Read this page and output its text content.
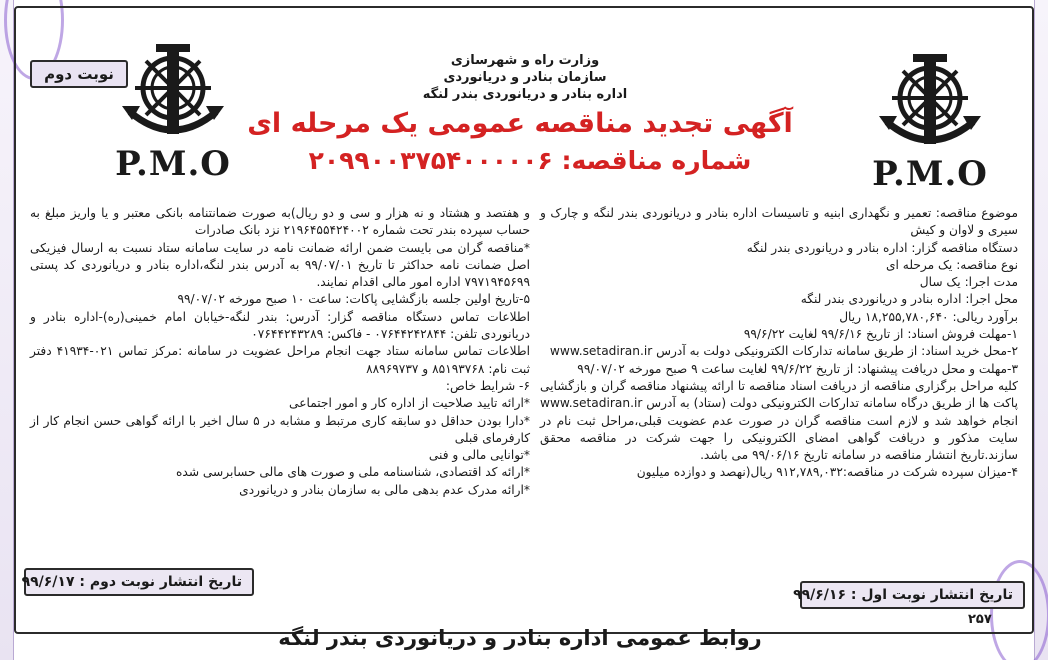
P.M.O
P.M.O
نوبت دوم
وزارت راه و شهرسازی
سازمان بنادر و دریانوردی
اداره بنادر و دریانوردی بندر لنگه
آگهی تجدید مناقصه عمومی یک مرحله ای
شماره مناقصه: ۲۰۹۹۰۰۳۷۵۴۰۰۰۰۰۶

موضوع مناقصه: تعمیر و نگهداری ابنیه و تاسیسات اداره بنادر و دریانوردی بندر لنگه و چارک و سیری و لاوان و کیش

دستگاه مناقصه گزار: اداره بنادر و دریانوردی بندر لنگه

نوع مناقصه: یک مرحله ای

مدت اجرا: یک سال

محل اجرا: اداره بنادر و دریانوردی بندر لنگه

برآورد ریالی: ۱۸,۲۵۵,۷۸۰,۶۴۰ ریال

۱-مهلت فروش اسناد: از تاریخ ۹۹/۶/۱۶ لغایت ۹۹/۶/۲۲

۲-محل خرید اسناد: از طریق سامانه تدارکات الکترونیکی دولت به آدرس www.setadiran.ir

۳-مهلت و محل دریافت پیشنهاد: از تاریخ ۹۹/۶/۲۲ لغایت ساعت ۹ صبح مورخه ۹۹/۰۷/۰۲

کلیه مراحل برگزاری مناقصه از دریافت اسناد مناقصه تا ارائه پیشنهاد مناقصه گران و بازگشایی پاکت ها از طریق درگاه سامانه تدارکات الکترونیکی دولت (ستاد) به آدرس www.setadiran.ir انجام خواهد شد و لازم است مناقصه گران در صورت عدم عضویت قبلی،مراحل ثبت نام در سایت مذکور و دریافت گواهی امضای الکترونیکی را جهت شرکت در مناقصه محقق سازند.تاریخ انتشار مناقصه در سامانه تاریخ ۹۹/۰۶/۱۶ می باشد.

۴-میزان سپرده شرکت در مناقصه:۹۱۲,۷۸۹,۰۳۲ ریال(نهصد و دوازده میلیون

و هفتصد و هشتاد و نه هزار و سی و دو ریال)به صورت ضمانتنامه بانکی معتبر و یا واریز مبلغ به حساب سپرده بندر تحت شماره ۲۱۹۶۴۵۵۴۲۴۰۰۲ نزد بانک صادرات

*مناقصه گران می بایست ضمن ارائه ضمانت نامه در سایت سامانه ستاد نسبت به ارسال فیزیکی اصل ضمانت نامه حداکثر تا تاریخ ۹۹/۰۷/۰۱ به آدرس بندر لنگه،اداره بنادر و دریانوردی کد پستی ۷۹۷۱۹۴۵۶۹۹ اداره امور مالی اقدام نمایند.

۵-تاریخ اولین جلسه بازگشایی پاکات: ساعت ۱۰ صبح مورخه ۹۹/۰۷/۰۲

اطلاعات تماس دستگاه مناقصه گزار: آدرس: بندر لنگه-خیابان امام خمینی(ره)-اداره بنادر و دریانوردی تلفن: ۰۷۶۴۴۲۴۲۸۴۴ - فاکس: ۰۷۶۴۴۲۴۳۲۸۹

اطلاعات تماس سامانه ستاد جهت انجام مراحل عضویت در سامانه :مرکز تماس ۰۲۱-۴۱۹۳۴ دفتر ثبت نام: ۸۵۱۹۳۷۶۸ و ۸۸۹۶۹۷۳۷

۶- شرایط خاص:

*ارائه تایید صلاحیت از اداره کار و امور اجتماعی

*دارا بودن حداقل دو سابقه کاری مرتبط و مشابه در ۵ سال اخیر با ارائه گواهی حسن انجام کار از کارفرمای قبلی

*توانایی مالی و فنی

*ارائه کد اقتصادی، شناسنامه ملی و صورت های مالی حسابرسی شده

*ارائه مدرک عدم بدهی مالی به سازمان بنادر و دریانوردی

تاریخ انتشار نوبت اول : ۹۹/۶/۱۶
تاریخ انتشار نوبت دوم : ۹۹/۶/۱۷
۲۵۷
روابط عمومی اداره بنادر و دریانوردی بندر لنگه
